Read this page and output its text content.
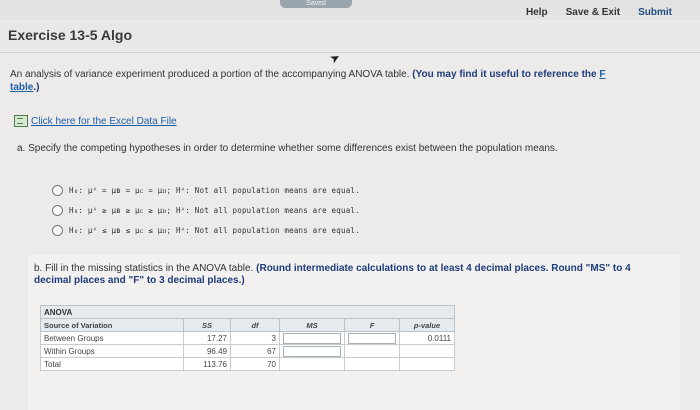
Saved
Help Save & Exit Submit
Exercise 13-5 Algo
➤
An analysis of variance experiment produced a portion of the accompanying ANOVA table. (You may find it useful to reference the F table.)
Click here for the Excel Data File
a. Specify the competing hypotheses in order to determine whether some differences exist between the population means.
H₀: μᴬ = μʙ = μᴄ = μᴅ; Hᴬ: Not all population means are equal.
H₀: μᴬ ≥ μʙ ≥ μᴄ ≥ μᴅ; Hᴬ: Not all population means are equal.
H₀: μᴬ ≤ μʙ ≤ μᴄ ≤ μᴅ; Hᴬ: Not all population means are equal.
b. Fill in the missing statistics in the ANOVA table. (Round intermediate calculations to at least 4 decimal places. Round "MS" to 4 decimal places and "F" to 3 decimal places.)
ANOVA					
Source of Variation	SS	df	MS	F	p-value
Between Groups	17.27	3			0.0111
Within Groups	96.49	67	

Total	113.76	70			
